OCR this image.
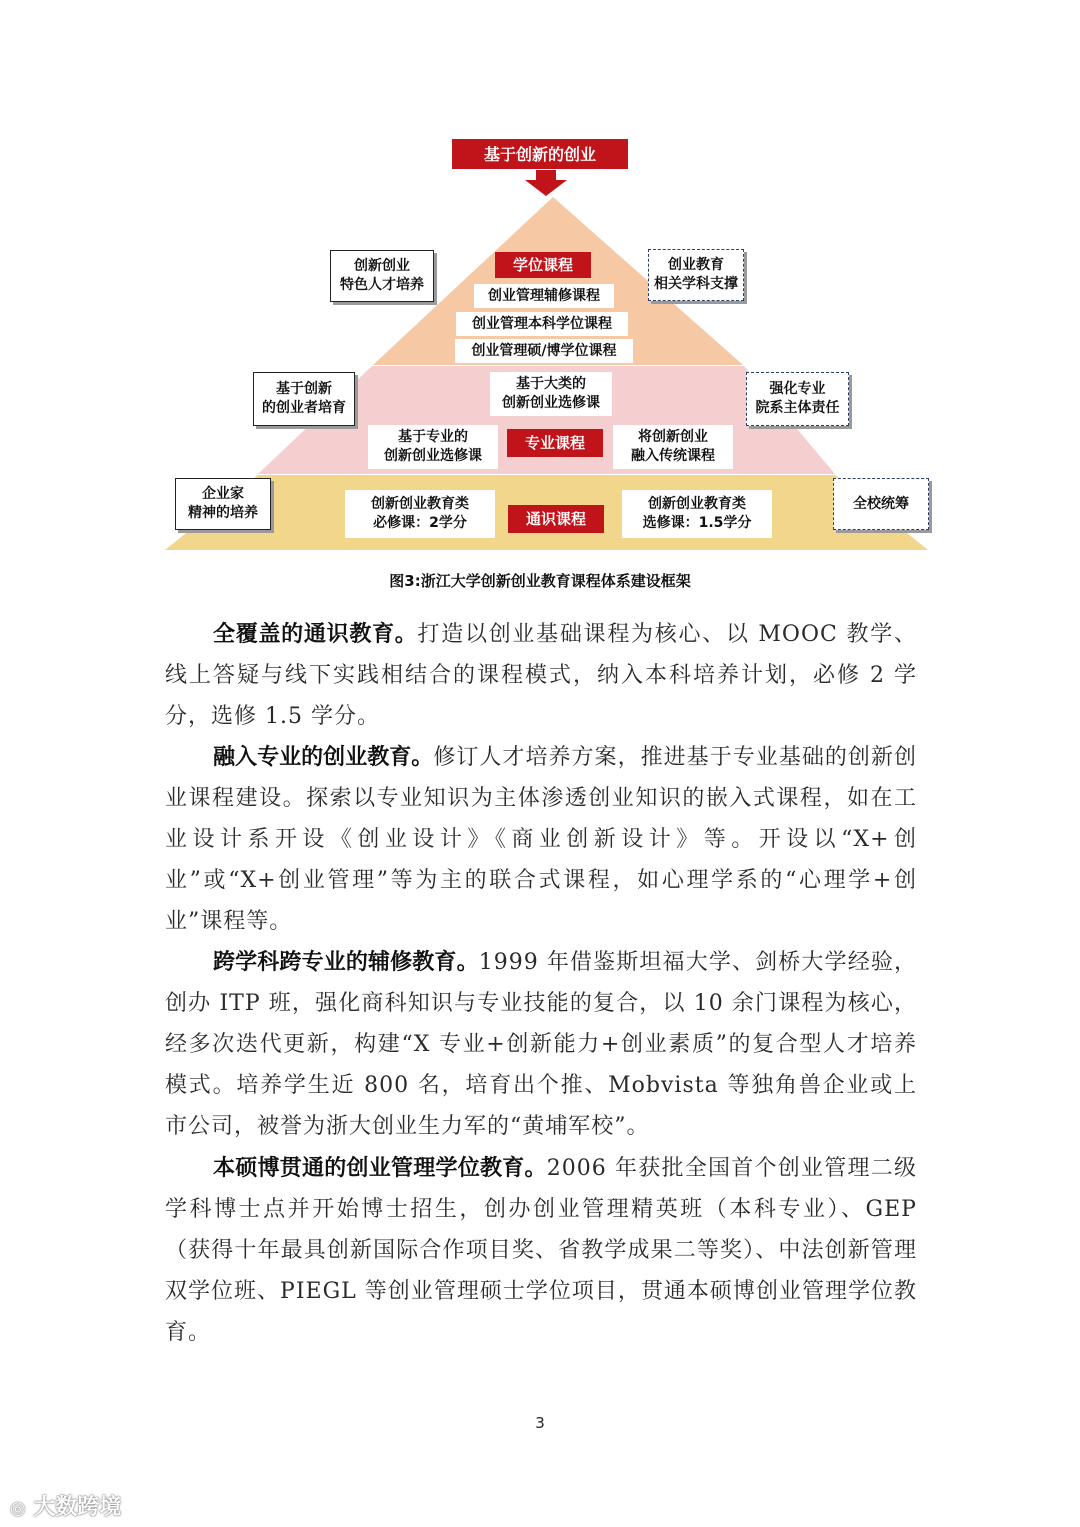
基于创新的创业
学位课程
创业管理辅修课程
创业管理本科学位课程
创业管理硕/博学位课程
创新创业
特色人才培养
创业教育
相关学科支撑
基于大类的
创新创业选修课
基于专业的
创新创业选修课
专业课程	将创新创业
融入传统课程
基于创新
的创业者培育
强化专业
院系主体责任
创新创业教育类
必修课：2学分	通识课程
创新创业教育类
选修课：1.5学分
企业家
精神的培养
全校统筹
图3:浙江大学创新创业教育课程体系建设框架

全覆盖的通识教育。打造以创业基础课程为核心、以 MOOC 教学、线上答疑与线下实践相结合的课程模式，纳入本科培养计划，必修 2 学分，选修 1.5 学分。

融入专业的创业教育。修订人才培养方案，推进基于专业基础的创新创业课程建设。探索以专业知识为主体渗透创业知识的嵌入式课程，如在工业设计系开设《创业设计》《商业创新设计》等。开设以“X+创业”或“X+创业管理”等为主的联合式课程，如心理学系的“心理学+创业”课程等。

跨学科跨专业的辅修教育。1999 年借鉴斯坦福大学、剑桥大学经验，创办 ITP 班，强化商科知识与专业技能的复合，以 10 余门课程为核心，经多次迭代更新，构建“X 专业+创新能力+创业素质”的复合型人才培养模式。培养学生近 800 名，培育出个推、Mobvista 等独角兽企业或上市公司，被誉为浙大创业生力军的“黄埔军校”。

本硕博贯通的创业管理学位教育。2006 年获批全国首个创业管理二级学科博士点并开始博士招生，创办创业管理精英班（本科专业）、GEP（获得十年最具创新国际合作项目奖、省教学成果二等奖）、中法创新管理双学位班、PIEGL 等创业管理硕士学位项目，贯通本硕博创业管理学位教育。

3
◎ 大数跨境
